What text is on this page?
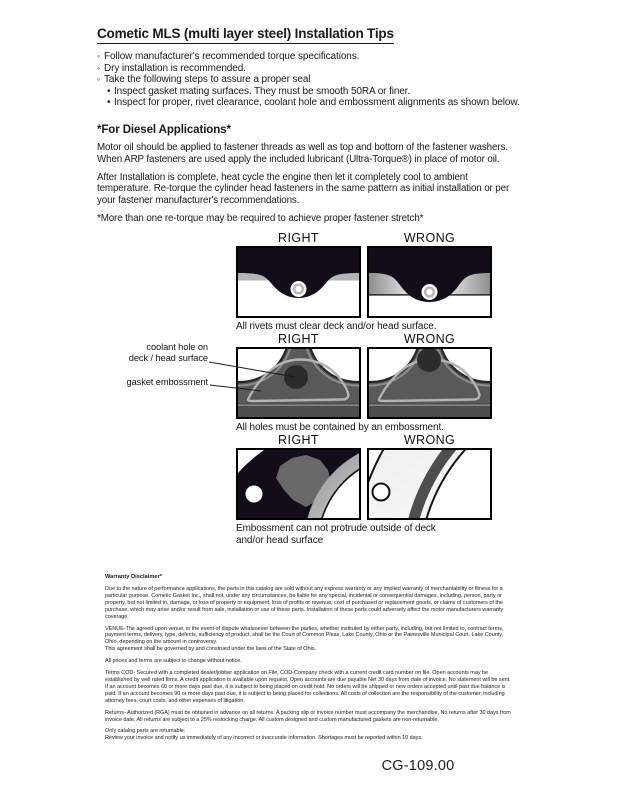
Cometic MLS (multi layer steel) Installation Tips
◦ Follow manufacturer's recommended torque specifications.
◦ Dry installation is recommended.
◦ Take the following steps to assure a proper seal
• Inspect gasket mating surfaces. They must be smooth 50RA or finer.
• Inspect for proper, rivet clearance, coolant hole and embossment alignments as shown below.
*For Diesel Applications*

Motor oil should be applied to fastener threads as well as top and bottom of the fastener washers. When ARP fasteners are used apply the included lubricant (Ultra-Torque®) in place of motor oil.

After Installation is complete, heat cycle the engine then let it completely cool to ambient temperature. Re-torque the cylinder head fasteners in the same pattern as initial installation or per your fastener manufacturer's recommendations.

*More than one re-torque may be required to achieve proper fastener stretch*

RIGHT	WRONG
All rivets must clear deck and/or head surface.
coolant hole on
deck / head surface
gasket embossment
RIGHT	WRONG
All holes must be contained by an embossment.
RIGHT	WRONG
Embossment can not protrude outside of deck
and/or head surface
Warranty Disclaimer*

Due to the nature of performance applications, the parts in this catalog are sold without any express warranty or any implied warranty of merchantability or fitness for a particular purpose. Cometic Gasket Inc., shall not, under any circumstances, be liable for any special, incidental or consequential damages, including, person, party or property, but not limited to, damage, or loss of property or equipment, loss of profits or revenue, cost of purchased or replacement goods, or claims of customers of the purchase, which may arise and/or result from sale, installation or use of these parts. Installation of these parts could adversely affect the motor manufacturers warranty coverage.

VENUE-The agreed upon venue, in the event of dispute whatsoever between the parties, whether instituted by either party, including, but not limited to, contract terms, payment terms, delivery, type, defects, sufficiency of product, shall be the Court of Common Pleas, Lake County, Ohio or the Painesville Municipal Court, Lake County, Ohio, depending on the amount in controversy.

This agreement shall be governed by and construed under the laws of the State of Ohio.

All prices and terms are subject to change without notice.

Terms COD- Secured with a completed dealer/jobber application on File, COD-Company check with a current credit card number on file. Open accounts may be established by well rated firms. A credit application is available upon request. Open accounts are due payable Net 30 days from date of invoice. No statement will be sent. If an account becomes 60 or more days past due, it is subject to being placed on credit hold. No orders will be shipped or new orders accepted until past due balance is paid. If an account becomes 90 or more days past due, it is subject to being placed for collections. All costs of collection are the responsibility of the customer, including attorney fees, court costs, and other expenses of litigation.

Returns- Authorized (RGA) must be obtained in advance on all returns. A packing slip or invoice number must accompany the merchandise. No returns after 30 days from invoice date. All returns are subject to a 25% restocking charge. All custom designed and custom manufactured gaskets are non-returnable.

Only catalog parts are returnable.

Review your invoice and notify us immediately of any incorrect or inaccurate information. Shortages must be reported within 10 days.

CG-109.00
